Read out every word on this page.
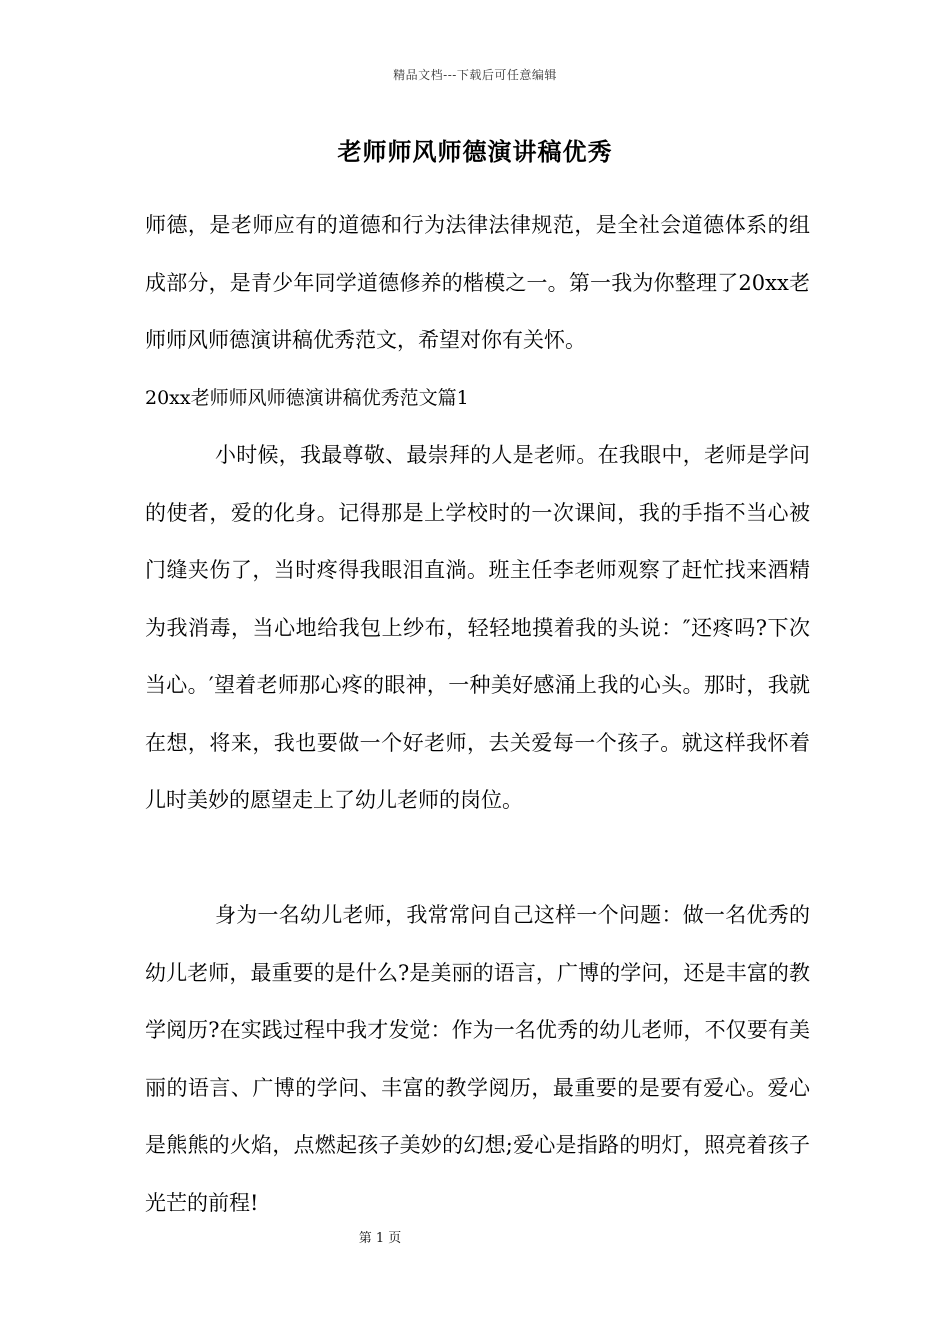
精品文档---下载后可任意编辑
老师师风师德演讲稿优秀

师德，是老师应有的道德和行为法律法律规范，是全社会道德体系的组成部分，是青少年同学道德修养的楷模之一。第一我为你整理了20xx老师师风师德演讲稿优秀范文，希望对你有关怀。

20xx老师师风师德演讲稿优秀范文篇1

小时候，我最尊敬、最崇拜的人是老师。在我眼中，老师是学问的使者，爱的化身。记得那是上学校时的一次课间，我的手指不当心被门缝夹伤了，当时疼得我眼泪直淌。班主任李老师观察了赶忙找来酒精为我消毒，当心地给我包上纱布，轻轻地摸着我的头说：″还疼吗?下次当心。′望着老师那心疼的眼神，一种美好感涌上我的心头。那时，我就在想，将来，我也要做一个好老师，去关爱每一个孩子。就这样我怀着儿时美妙的愿望走上了幼儿老师的岗位。

身为一名幼儿老师，我常常问自己这样一个问题：做一名优秀的幼儿老师，最重要的是什么?是美丽的语言，广博的学问，还是丰富的教学阅历?在实践过程中我才发觉：作为一名优秀的幼儿老师，不仅要有美丽的语言、广博的学问、丰富的教学阅历，最重要的是要有爱心。爱心是熊熊的火焰，点燃起孩子美妙的幻想;爱心是指路的明灯，照亮着孩子光芒的前程!

第 1 页
